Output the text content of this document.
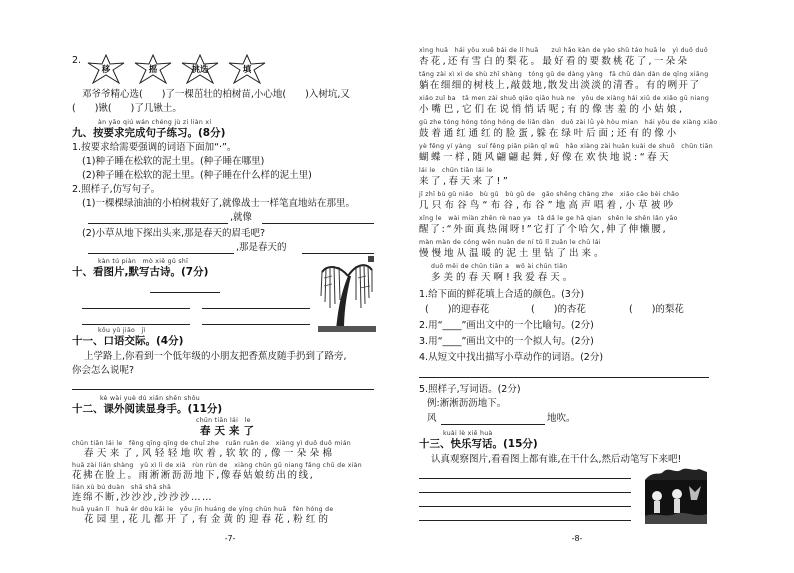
2.
移	摇	挑选	填
邓爷爷精心选(　　)了一棵茁壮的柏树苗,小心地(　　)入树坑,又
(　　)锹(　　)了几锹土。
àn yāo qiú wán chéng jù zi liàn xí
九、按要求完成句子练习。(8分)
1.按要求给需要强调的词语下面加“·”。
(1)种子睡在松软的泥土里。(种子睡在哪里)
(2)种子睡在松软的泥土里。(种子睡在什么样的泥土里)
2.照样子,仿写句子。
(1)一棵棵绿油油的小柏树栽好了,就像战士一样笔直地站在那里。
,就像
(2)小草从地下探出头来,那是春天的眉毛吧?
,那是春天的
kàn tú piàn　mò xiě gǔ shī
十、看图片,默写古诗。(7分)
kǒu yǔ jiāo　jì
十一、口语交际。(4分)
上学路上,你看到一个低年级的小朋友把香蕉皮随手扔到了路旁,
你会怎么说呢?
kè wài yuè dú xiǎn shēn shǒu
十二、课外阅读显身手。(11分)
chūn tiān lái　le
春天来了
chūn tiān lái le　fēng qīng qīng de chuī zhe　ruǎn ruǎn de　xiàng yì duǒ duǒ mián
春天来了,风轻轻地吹着,软软的,像一朵朵棉
huā zài lián shàng　yǔ xì lì de xià　rùn rùn de　xiàng chūn gū niang fǎng chū de xiàn
花拂在脸上。雨淅淅沥沥地下,像春姑娘纺出的线,
lián xù bú duàn　shā shā shā
连绵不断,沙沙沙,沙沙沙……
huā yuán lǐ　huā ér dōu kāi le　yǒu jīn huáng de yíng chūn huā　fěn hóng de
花园里,花儿都开了,有金黄的迎春花,粉红的
-7-
xìng huā　hái yǒu xuě bái de lí huā　　zuì hǎo kàn de yào shǔ táo huā le　yì duǒ duǒ
杏花,还有雪白的梨花。最好看的要数桃花了,一朵朵
tǎng zài xì xì de shù zhī shàng　tóng gǔ de dàng yàng　fā chū dàn dàn de qīng xiāng
躺在细细的树枝上,敲鼓地,散发出淡淡的清香。有的咧开了
xiǎo zuǐ ba　tā men zài shuō qiāo qiāo huà ne　yǒu de xiàng hái xiū de xiǎo gū niang
小嘴巴,它们在说悄悄话呢;有的像害羞的小姑娘,
gū zhe tóng hóng tóng hóng de liǎn dàn　duǒ zài lǜ yè hòu mian　hái yǒu de xiàng xiǎo
鼓着通红通红的脸蛋,躲在绿叶后面;还有的像小
yè fēng yí yàng　suí fēng piān piān qǐ wǔ　hǎo xiàng zài huān kuài de shuō　chūn tiān
蝴蝶一样,随风翩翩起舞,好像在欢快地说:“春天
lái le　chūn tiān lái le
来了,春天来了!”
jǐ zhī bù gǔ niǎo　bù gǔ　bù gǔ de　gāo shēng chàng zhe　xiǎo cǎo bèi chǎo
几只布谷鸟“布谷,布谷”地高声唱着,小草被吵
xǐng le　wài miàn zhēn rè nao ya　tā dǎ le ge hā qian　shēn le shēn lǎn yāo
醒了:“外面真热闹呀!”它打了个哈欠,伸了伸懒腰,
màn màn de cóng wēn nuǎn de ní tǔ lǐ zuān le chū lái
慢慢地从温暖的泥土里钻了出来。
duō měi de chūn tiān a　wǒ ài chūn tiān
多美的春天啊!我爱春天。
1.给下面的鲜花填上合适的颜色。(3分)
(　　)的迎春花	(　　)的杏花	(　　)的梨花
2.用“____”画出文中的一个比喻句。(2分)
3.用“____”画出文中的一个拟人句。(2分)
4.从短文中找出描写小草动作的词语。(2分)
5.照样子,写词语。(2分)
例:淅淅沥沥地下。
风	地吹。
kuài lè xiě huà
十三、快乐写话。(15分)
认真观察图片,看看图上都有谁,在干什么,然后动笔写下来吧!
-8-
